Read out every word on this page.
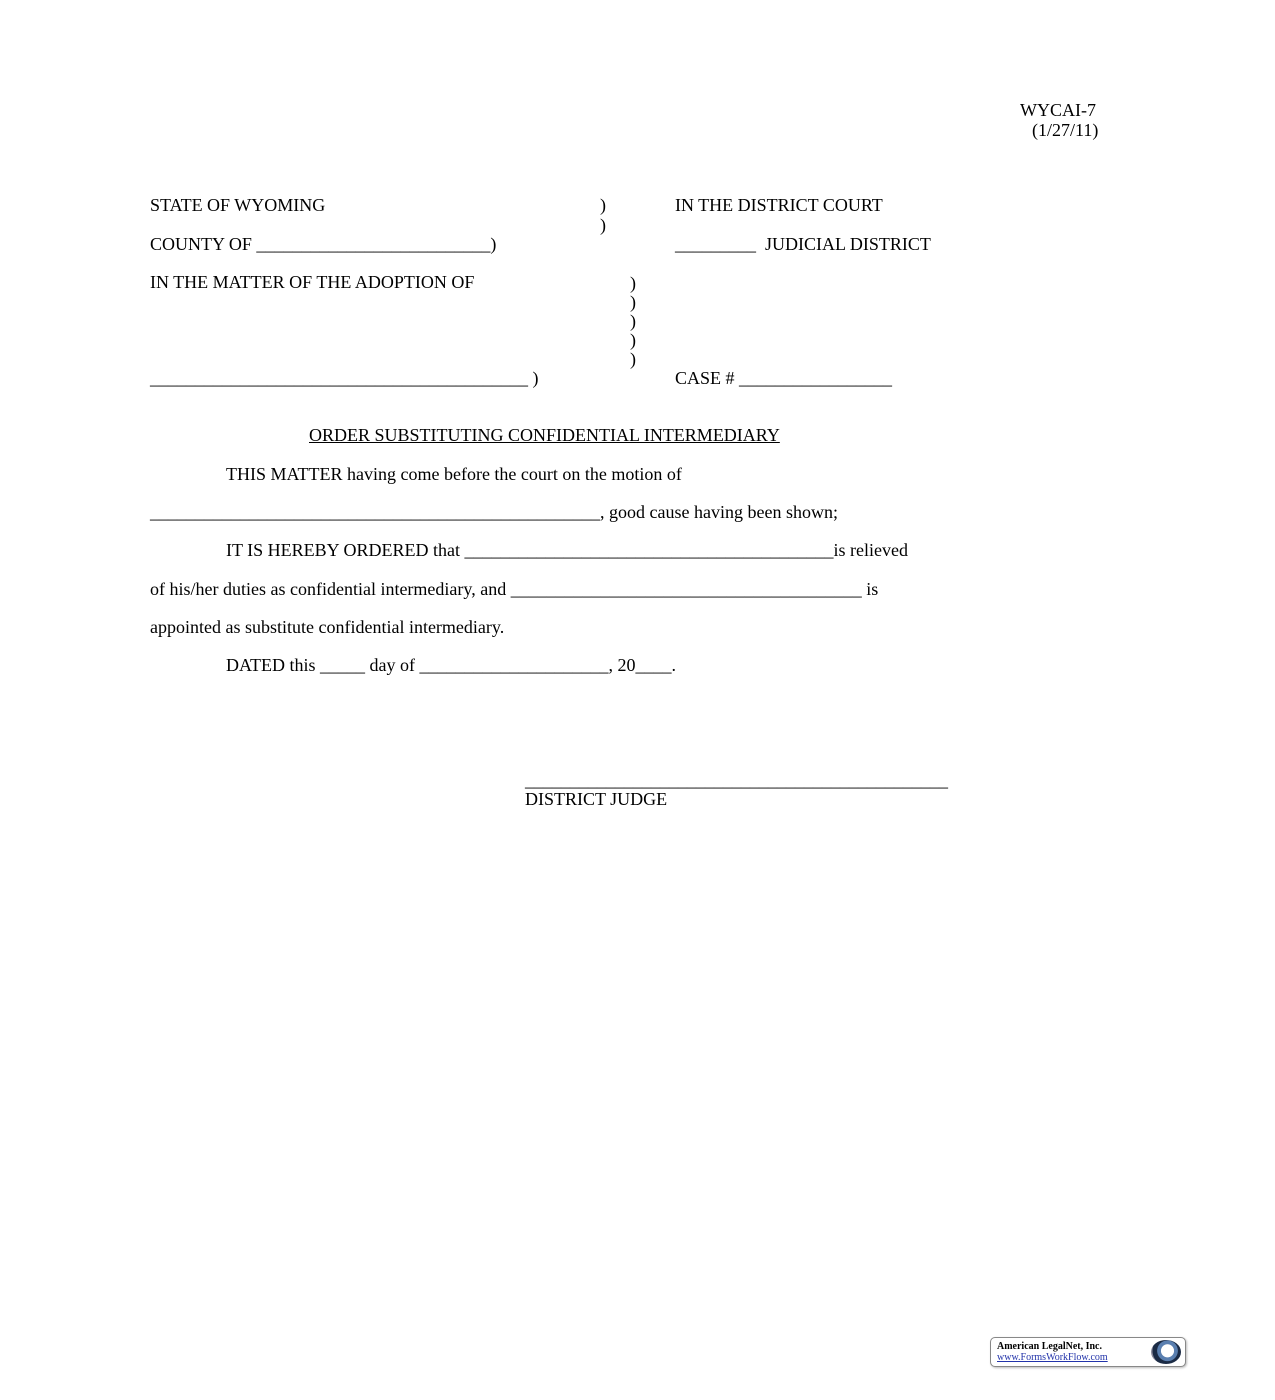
WYCAI-7
(1/27/11)
STATE OF WYOMING	)
)
COUNTY OF __________________________)
IN THE MATTER OF THE ADOPTION OF	)
)
)
)
)
__________________________________________ )
IN THE DISTRICT COURT
_________  JUDICIAL DISTRICT
CASE # _________________
ORDER SUBSTITUTING CONFIDENTIAL INTERMEDIARY
THIS MATTER having come before the court on the motion of
__________________________________________________, good cause having been shown;
IT IS HEREBY ORDERED that _________________________________________is relieved
of his/her duties as confidential intermediary, and _______________________________________ is
appointed as substitute confidential intermediary.
DATED this _____ day of _____________________, 20____.
_______________________________________________
DISTRICT JUDGE
American LegalNet, Inc.
www.FormsWorkFlow.com
